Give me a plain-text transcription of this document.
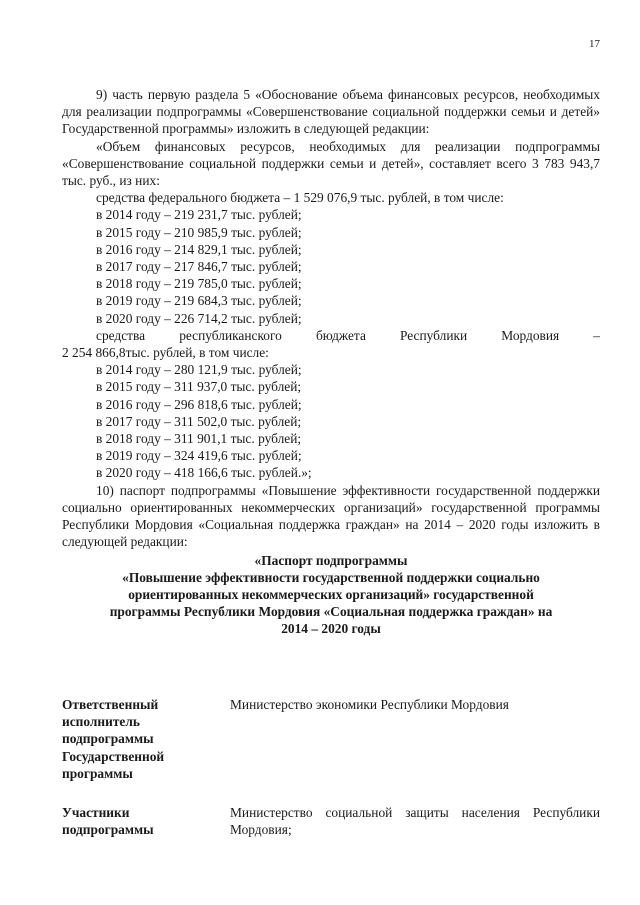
17

9) часть первую раздела 5 «Обоснование объема финансовых ресурсов, необходимых для реализации подпрограммы «Совершенствование социальной поддержки семьи и детей» Государственной программы» изложить в следующей редакции:

«Объем финансовых ресурсов, необходимых для реализации подпрограммы «Совершенствование социальной поддержки семьи и детей», составляет всего 3 783 943,7 тыс. руб., из них:

средства федерального бюджета – 1 529 076,9 тыс. рублей, в том числе:

в 2014 году – 219 231,7 тыс. рублей;

в 2015 году – 210 985,9 тыс. рублей;

в 2016 году – 214 829,1 тыс. рублей;

в 2017 году – 217 846,7 тыс. рублей;

в 2018 году – 219 785,0 тыс. рублей;

в 2019 году – 219 684,3 тыс. рублей;

в 2020 году – 226 714,2 тыс. рублей;

средства республиканского бюджета Республики Мордовия –

2 254 866,8тыс. рублей, в том числе:

в 2014 году – 280 121,9 тыс. рублей;

в 2015 году – 311 937,0 тыс. рублей;

в 2016 году – 296 818,6 тыс. рублей;

в 2017 году – 311 502,0 тыс. рублей;

в 2018 году – 311 901,1 тыс. рублей;

в 2019 году – 324 419,6 тыс. рублей;

в 2020 году – 418 166,6 тыс. рублей.»;

10) паспорт подпрограммы «Повышение эффективности государственной поддержки социально ориентированных некоммерческих организаций» государственной программы Республики Мордовия «Социальная поддержка граждан» на 2014 – 2020 годы изложить в следующей редакции:

«Паспорт подпрограммы

«Повышение эффективности государственной поддержки социально

ориентированных некоммерческих организаций» государственной

программы Республики Мордовия «Социальная поддержка граждан» на

2014 – 2020 годы

Ответственный
исполнитель
подпрограммы
Государственной
программы
Министерство экономики Республики Мордовия
Участники
подпрограммы
Министерство социальной защиты населения Республики Мордовия;
